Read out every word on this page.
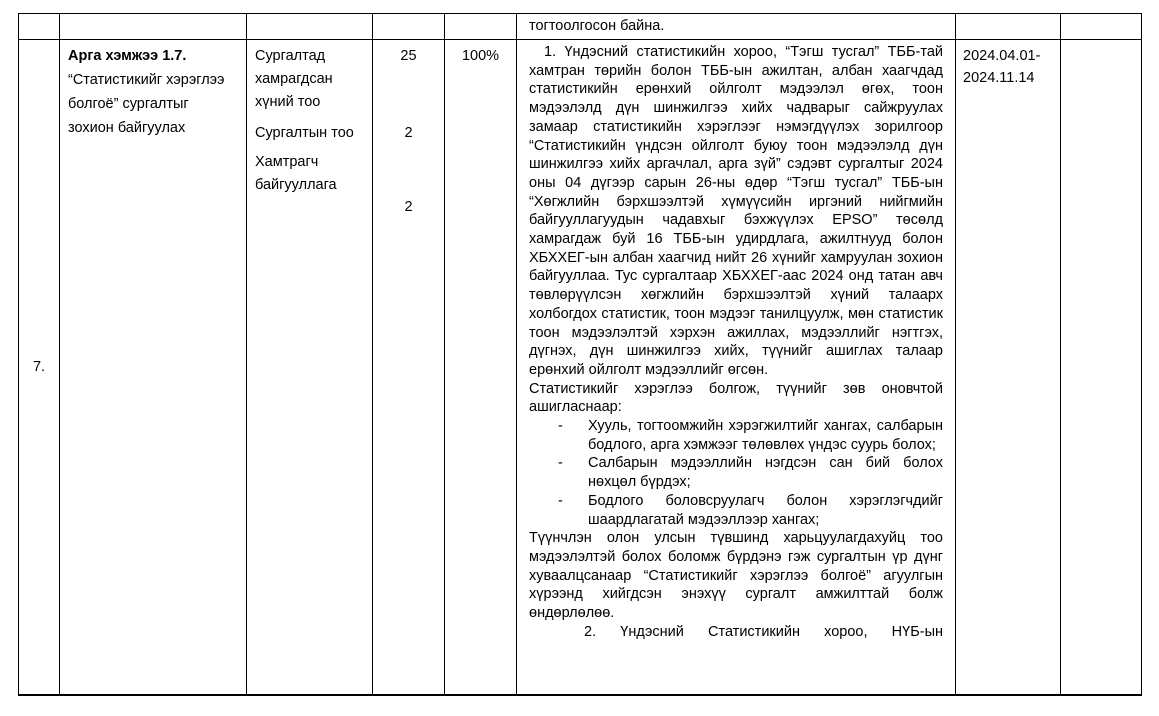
тогтоолгосон байна.
7.
Арга хэмжээ 1.7. “Статистикийг хэрэглээ болгоё” сургалтыг зохион байгуулах

Сургалтад хамрагдсан хүний тоо

Сургалтын тоо

Хамтрагч байгууллага

25

2

2

100%	1. Үндэсний статистикийн хороо, “Тэгш тусгал” ТББ-тай хамтран төрийн болон ТББ-ын ажилтан, албан хаагчдад статистикийн ерөнхий ойлголт мэдээлэл өгөх, тоон мэдээлэлд дүн шинжилгээ хийх чадварыг сайжруулах замаар статистикийн хэрэглээг нэмэгдүүлэх зорилгоор “Статистикийн үндсэн ойлголт буюу тоон мэдээлэлд дүн шинжилгээ хийх аргачлал, арга зүй” сэдэвт сургалтыг 2024 оны 04 дүгээр сарын 26-ны өдөр “Тэгш тусгал” ТББ-ын “Хөгжлийн бэрхшээлтэй хүмүүсийн иргэний нийгмийн байгууллагуудын чадавхыг бэхжүүлэх EPSO” төсөлд хамрагдаж буй 16 ТББ-ын удирдлага, ажилтнууд болон ХБХХЕГ-ын албан хаагчид нийт 26 хүнийг хамруулан зохион байгууллаа. Тус сургалтаар ХБХХЕГ-аас 2024 онд татан авч төвлөрүүлсэн хөгжлийн бэрхшээлтэй хүний талаарх холбогдох статистик, тоон мэдээг танилцуулж, мөн статистик тоон мэдээлэлтэй хэрхэн ажиллах, мэдээллийг нэгтгэх, дүгнэх, дүн шинжилгээ хийх, түүнийг ашиглах талаар ерөнхий ойлголт мэдээллийг өгсөн.

Статистикийг хэрэглээ болгож, түүнийг зөв оновчтой ашигласнаар:

- Хууль, тогтоомжийн хэрэгжилтийг хангах, салбарын бодлого, арга хэмжээг төлөвлөх үндэс суурь болох;
- Салбарын мэдээллийн нэгдсэн сан бий болох нөхцөл бүрдэх;
- Бодлого боловсруулагч болон хэрэглэгчдийг шаардлагатай мэдээллээр хангах;

Түүнчлэн олон улсын түвшинд харьцуулагдахуйц тоо мэдээлэлтэй болох боломж бүрдэнэ гэж сургалтын үр дүнг хуваалцсанаар “Статистикийг хэрэглээ болгоё” агуулгын хүрээнд хийгдсэн энэхүү сургалт амжилттай болж өндөрлөлөө.

2. Үндэсний Статистикийн хороо, НҮБ-ын

2024.04.01-
2024.11.14
